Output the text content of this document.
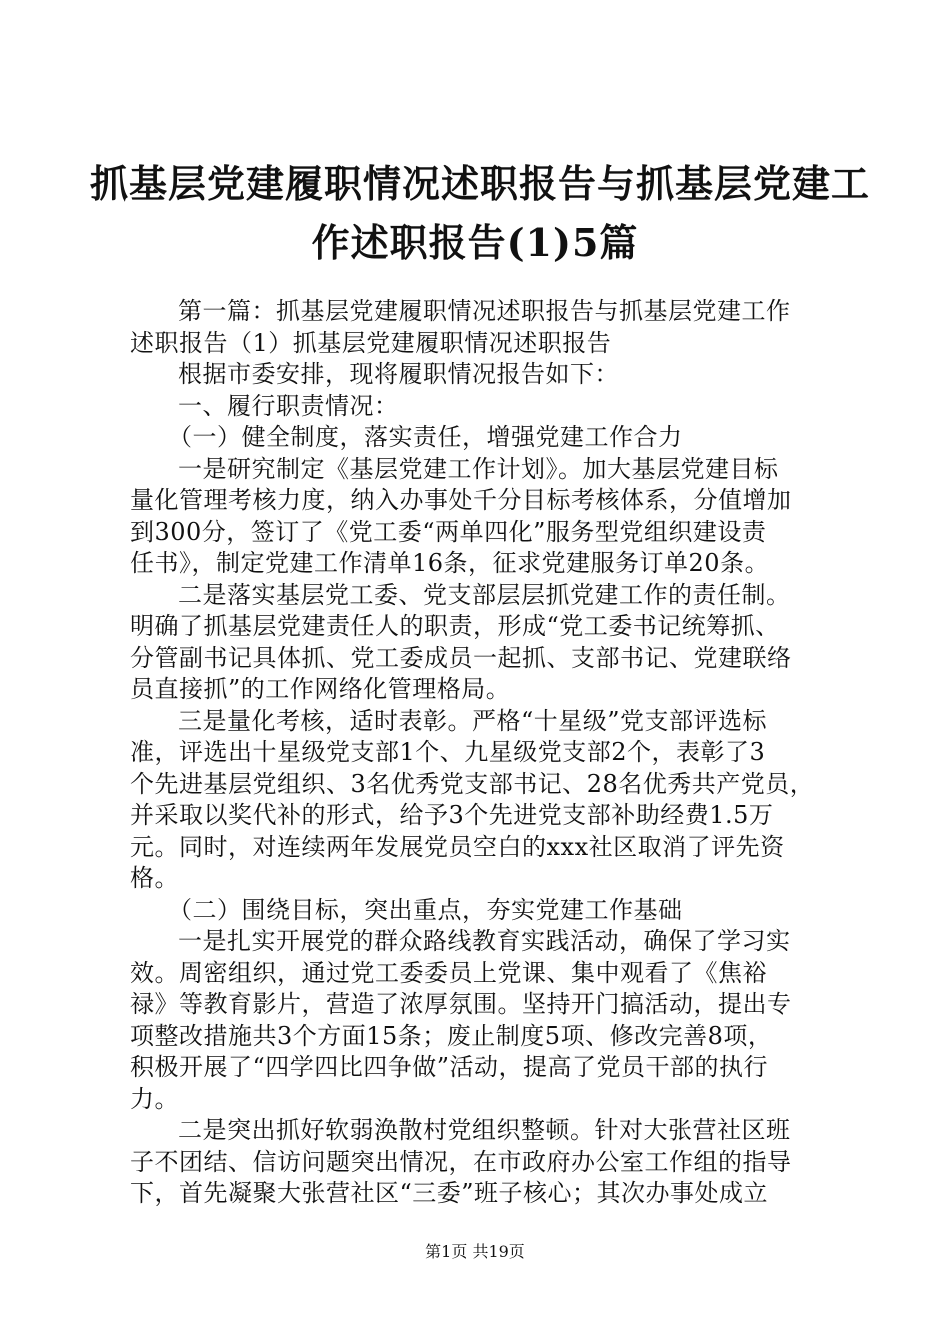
抓基层党建履职情况述职报告与抓基层党建工
作述职报告(1)5篇
第一篇：抓基层党建履职情况述职报告与抓基层党建工作
述职报告（1）抓基层党建履职情况述职报告
根据市委安排，现将履职情况报告如下：
一、履行职责情况：
（一）健全制度，落实责任，增强党建工作合力
一是研究制定《基层党建工作计划》。加大基层党建目标
量化管理考核力度，纳入办事处千分目标考核体系，分值增加
到300分，签订了《党工委“两单四化”服务型党组织建设责
任书》，制定党建工作清单16条，征求党建服务订单20条。
二是落实基层党工委、党支部层层抓党建工作的责任制。
明确了抓基层党建责任人的职责，形成“党工委书记统筹抓、
分管副书记具体抓、党工委成员一起抓、支部书记、党建联络
员直接抓”的工作网络化管理格局。
三是量化考核，适时表彰。严格“十星级”党支部评选标
准，评选出十星级党支部1个、九星级党支部2个，表彰了3
个先进基层党组织、3名优秀党支部书记、28名优秀共产党员，
并采取以奖代补的形式，给予3个先进党支部补助经费1.5万
元。同时，对连续两年发展党员空白的xxx社区取消了评先资
格。
（二）围绕目标，突出重点，夯实党建工作基础
一是扎实开展党的群众路线教育实践活动，确保了学习实
效。周密组织，通过党工委委员上党课、集中观看了《焦裕
禄》等教育影片，营造了浓厚氛围。坚持开门搞活动，提出专
项整改措施共3个方面15条；废止制度5项、修改完善8项，
积极开展了“四学四比四争做”活动，提高了党员干部的执行
力。
二是突出抓好软弱涣散村党组织整顿。针对大张营社区班
子不团结、信访问题突出情况，在市政府办公室工作组的指导
下，首先凝聚大张营社区“三委”班子核心；其次办事处成立
第1页 共19页
